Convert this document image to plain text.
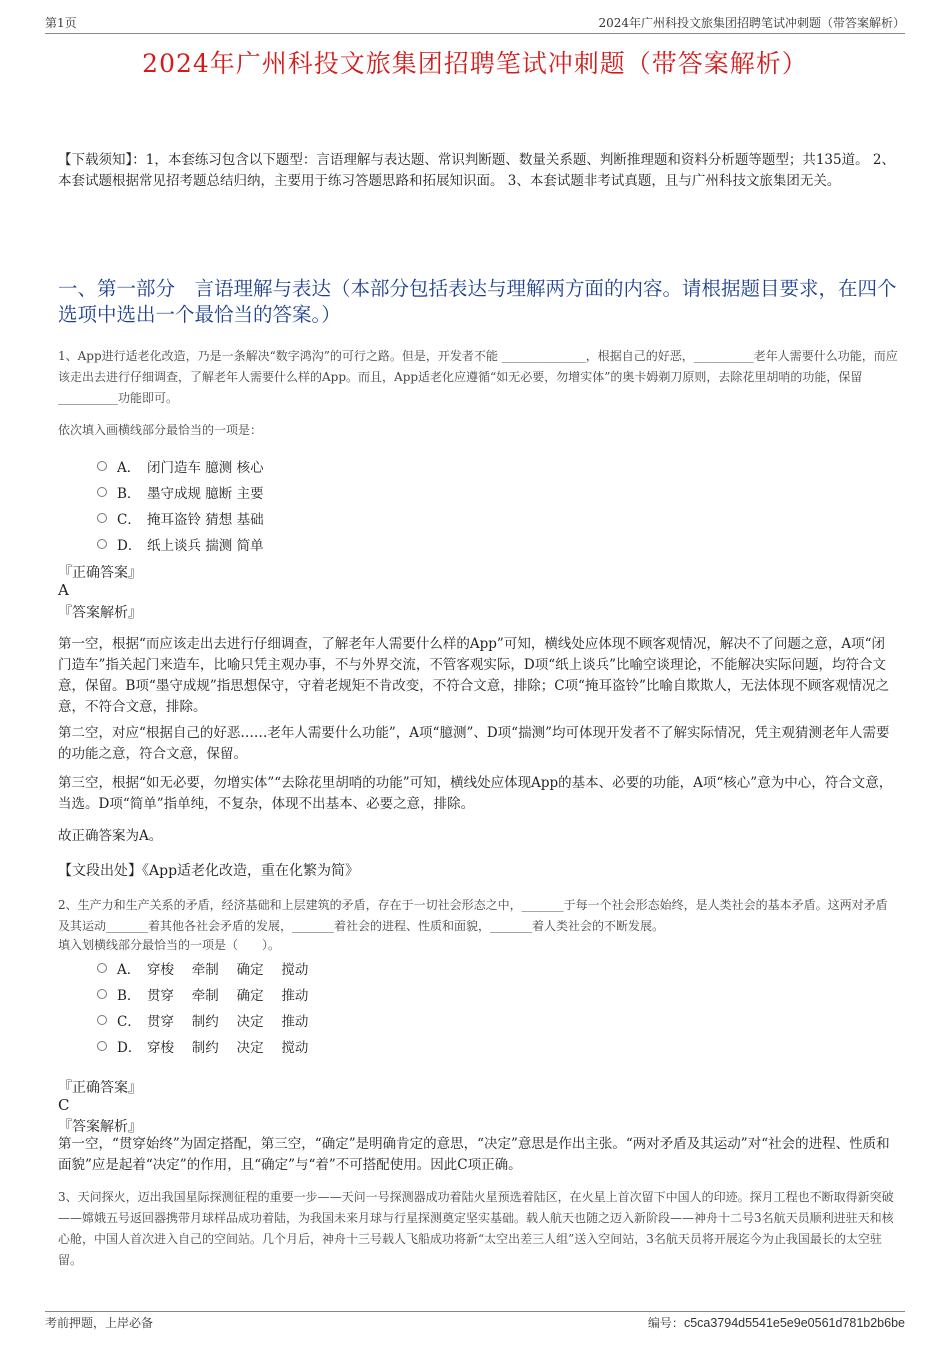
第1页	2024年广州科投文旅集团招聘笔试冲刺题（带答案解析）
2024年广州科投文旅集团招聘笔试冲刺题（带答案解析）
【下载须知】：1，本套练习包含以下题型：言语理解与表达题、常识判断题、数量关系题、判断推理题和资料分析题等题型；共135道。 2、本套试题根据常见招考题总结归纳，主要用于练习答题思路和拓展知识面。 3、本套试题非考试真题，且与广州科技文旅集团无关。
一、第一部分　言语理解与表达（本部分包括表达与理解两方面的内容。请根据题目要求，在四个选项中选出一个最恰当的答案。）
1、App进行适老化改造，乃是一条解决“数字鸿沟”的可行之路。但是，开发者不能 ______________，根据自己的好恶，__________老年人需要什么功能，而应该走出去进行仔细调查，了解老年人需要什么样的App。而且，App适老化应遵循“如无必要，勿增实体”的奥卡姆剃刀原则，去除花里胡哨的功能，保留 __________功能即可。
依次填入画横线部分最恰当的一项是：
A． 闭门造车 臆测 核心
B． 墨守成规 臆断 主要
C． 掩耳盗铃 猜想 基础
D． 纸上谈兵 揣测 简单
『正确答案』
A
『答案解析』
第一空，根据“而应该走出去进行仔细调查，了解老年人需要什么样的App”可知，横线处应体现不顾客观情况，解决不了问题之意，A项“闭门造车”指关起门来造车，比喻只凭主观办事，不与外界交流，不管客观实际，D项“纸上谈兵”比喻空谈理论，不能解决实际问题，均符合文意，保留。B项“墨守成规”指思想保守，守着老规矩不肯改变，不符合文意，排除；C项“掩耳盗铃”比喻自欺欺人，无法体现不顾客观情况之意，不符合文意，排除。
第二空，对应“根据自己的好恶……老年人需要什么功能”，A项“臆测”、D项“揣测”均可体现开发者不了解实际情况，凭主观猜测老年人需要的功能之意，符合文意，保留。
第三空，根据“如无必要，勿增实体”“去除花里胡哨的功能”可知，横线处应体现App的基本、必要的功能，A项“核心”意为中心，符合文意，当选。D项“简单”指单纯，不复杂，体现不出基本、必要之意，排除。
故正确答案为A。
【文段出处】《App适老化改造，重在化繁为简》
2、生产力和生产关系的矛盾，经济基础和上层建筑的矛盾，存在于一切社会形态之中，_______于每一个社会形态始终，是人类社会的基本矛盾。这两对矛盾及其运动_______着其他各社会矛盾的发展，_______着社会的进程、性质和面貌，_______着人类社会的不断发展。
填入划横线部分最恰当的一项是（　　）。
A． 穿梭　 牵制　 确定　 搅动
B． 贯穿　 牵制　 确定　 推动
C． 贯穿　 制约　 决定　 推动
D． 穿梭　 制约　 决定　 搅动
『正确答案』
C
『答案解析』
第一空，“贯穿始终”为固定搭配，第三空，“确定”是明确肯定的意思，“决定”意思是作出主张。“两对矛盾及其运动”对“社会的进程、性质和面貌”应是起着“决定”的作用，且“确定”与“着”不可搭配使用。因此C项正确。
3、天问探火，迈出我国星际探测征程的重要一步——天问一号探测器成功着陆火星预选着陆区，在火星上首次留下中国人的印迹。探月工程也不断取得新突破——嫦娥五号返回器携带月球样品成功着陆，为我国未来月球与行星探测奠定坚实基础。载人航天也随之迈入新阶段——神舟十二号3名航天员顺利进驻天和核心舱，中国人首次进入自己的空间站。几个月后，神舟十三号载人飞船成功将新“太空出差三人组”送入空间站，3名航天员将开展迄今为止我国最长的太空驻留。
考前押题，上岸必备	编号：c5ca3794d5541e5e9e0561d781b2b6be
